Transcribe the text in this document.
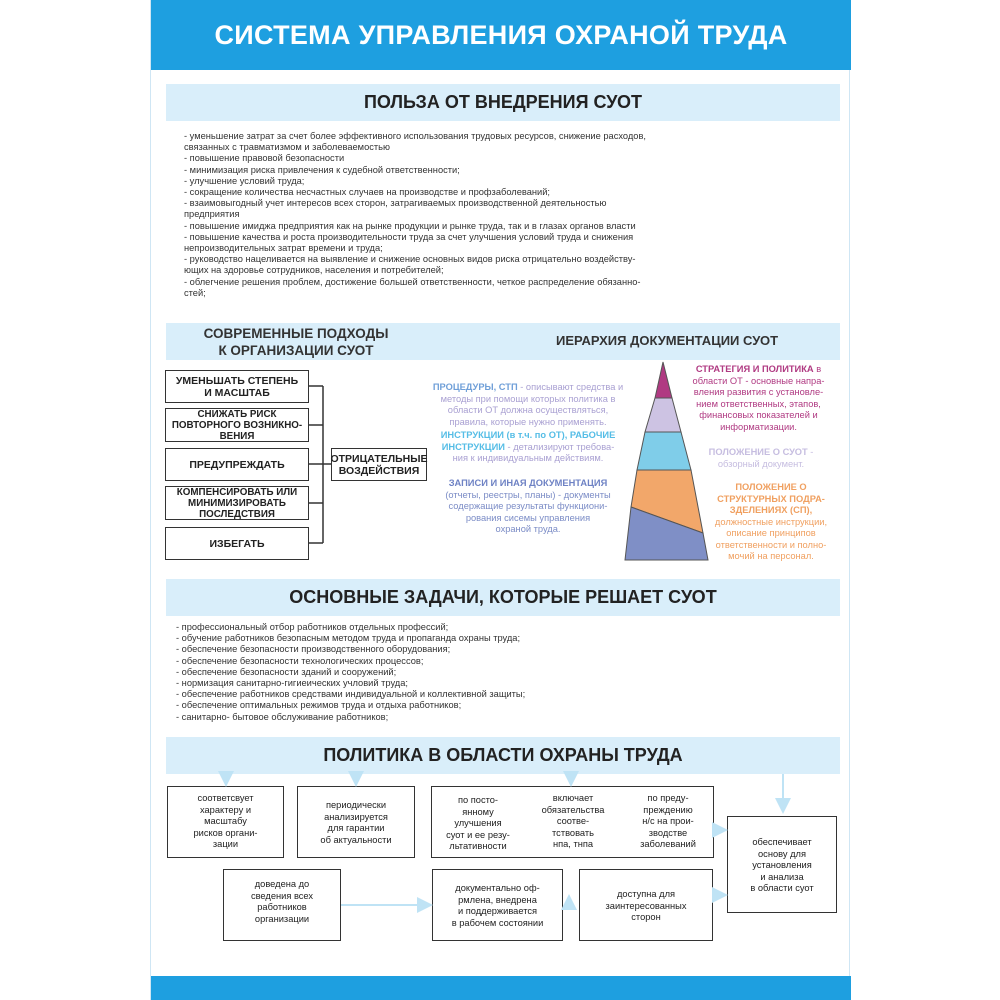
СИСТЕМА УПРАВЛЕНИЯ ОХРАНОЙ ТРУДА
ПОЛЬЗА ОТ ВНЕДРЕНИЯ СУОТ
- уменьшение затрат за счет более эффективного использования трудовых ресурсов, снижение расходов,
связанных с травматизмом и заболеваемостью
- повышение правовой безопасности
- минимизация риска привлечения к судебной ответственности;
- улучшение условий труда;
- сокращение количества несчастных случаев на производстве и профзаболеваний;
- взаимовыгодный учет интересов всех сторон, затрагиваемых производственной деятельностью
предприятия
- повышение имиджа предприятия как на рынке продукции и рынке труда, так и в глазах органов власти
- повышение качества и роста производительности труда за счет улучшения условий труда и снижения
непроизводительных затрат времени и труда;
- руководство нацеливается на выявление и снижение основных видов риска отрицательно воздейству-
ющих на здоровье сотрудников, населения и потребителей;
- облегчение решения проблем, достижение большей ответственности, четкое распределение обязанно-
стей;
СОВРЕМЕННЫЕ ПОДХОДЫ
К ОРГАНИЗАЦИИ СУОТ
ИЕРАРХИЯ ДОКУМЕНТАЦИИ СУОТ
УМЕНЬШАТЬ СТЕПЕНЬ
И МАСШТАБ
СНИЖАТЬ РИСК
ПОВТОРНОГО ВОЗНИКНО-
ВЕНИЯ
ПРЕДУПРЕЖДАТЬ
КОМПЕНСИРОВАТЬ ИЛИ
МИНИМИЗИРОВАТЬ
ПОСЛЕДСТВИЯ
ИЗБЕГАТЬ
ОТРИЦАТЕЛЬНЫЕ
ВОЗДЕЙСТВИЯ
ПРОЦЕДУРЫ, СТП - описывают средства и
методы при помощи которых политика в
области ОТ должна осуществляться,
правила, которые нужно применять.
ИНСТРУКЦИИ (в т.ч. по ОТ), РАБОЧИЕ
ИНСТРУКЦИИ - детализируют требова-
ния к индивидуальным действиям.
ЗАПИСИ И ИНАЯ ДОКУМЕНТАЦИЯ
(отчеты, реестры, планы) - документы
содержащие результаты функциони-
рования сисемы управления
охраной труда.
СТРАТЕГИЯ И ПОЛИТИКА в
области ОТ - основные напра-
вления развития с установле-
нием ответственных, этапов,
финансовых показателей и
информатизации.
ПОЛОЖЕНИЕ О СУОТ -
обзорный документ.
ПОЛОЖЕНИЕ О
СТРУКТУРНЫХ ПОДРА-
ЗДЕЛЕНИЯХ (СП),
должностные инструкции,
описание принципов
ответственности и полно-
мочий на персонал.
ОСНОВНЫЕ ЗАДАЧИ, КОТОРЫЕ РЕШАЕТ СУОТ
- профессиональный отбор работников отдельных профессий;
- обучение работников безопасным методом труда и пропаганда охраны труда;
- обеспечение безопасности производственного оборудования;
- обеспечение безопасности технологических процессов;
- обеспечение безопасности зданий и сооружений;
- нормизация санитарно-гигиеических учловий труда;
- обеспечение работников средствами индивидуальной и коллективной защиты;
- обеспечение оптимальных режимов труда и отдыха работников;
- санитарно- бытовое обслуживание работников;
ПОЛИТИКА В ОБЛАСТИ ОХРАНЫ ТРУДА

соответсвует
характеру и
масштабу
рисков органи-
зации

периодически
анализируется
для гарантии
об актуальности

по посто-
янному
улучшения
суот и ее резу-
льтативности

включает
обязательства
соотве-
тствовать
нпа, тнпа

по преду-
преждению
н/с на прои-
зводстве
заболеваний	обеспечивает
основу для
установления
и анализа
в области суот

доведена до
сведения всех
работников
организации

документально оф-
рмлена, внедрена
и поддерживается
в рабочем состоянии

доступна для
заинтересованных
сторон
